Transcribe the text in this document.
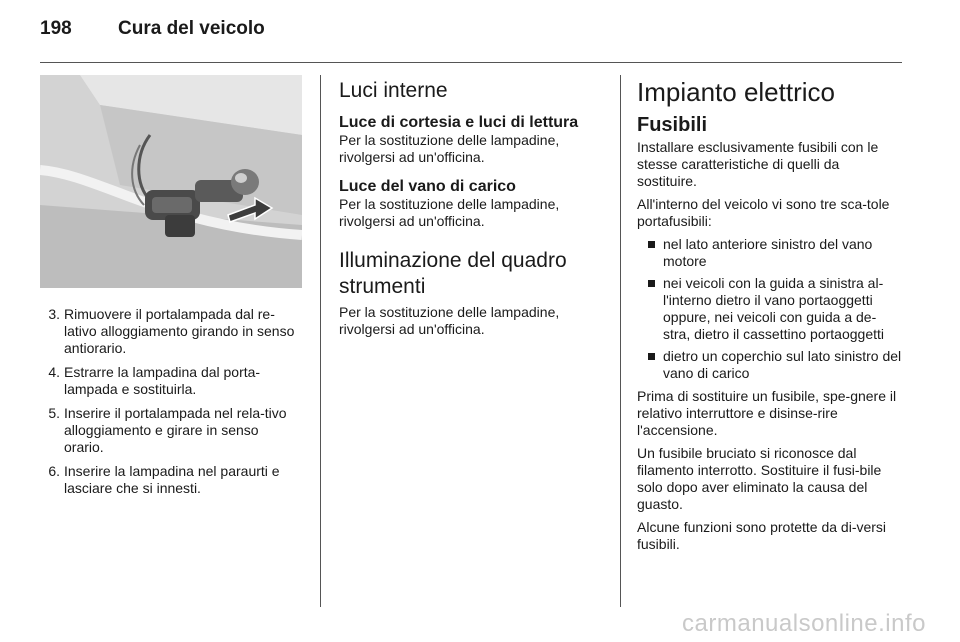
198	Cura del veicolo
3. Rimuovere il portalampada dal re-lativo alloggiamento girando in senso antiorario.
4. Estrarre la lampadina dal porta-lampada e sostituirla.
5. Inserire il portalampada nel rela-tivo alloggiamento e girare in senso orario.
6. Inserire la lampadina nel paraurti e lasciare che si innesti.
Luci interne
Luce di cortesia e luci di lettura

Per la sostituzione delle lampadine, rivolgersi ad un'officina.

Luce del vano di carico

Per la sostituzione delle lampadine, rivolgersi ad un'officina.

Illuminazione del quadro strumenti

Per la sostituzione delle lampadine, rivolgersi ad un'officina.

Impianto elettrico
Fusibili

Installare esclusivamente fusibili con le stesse caratteristiche di quelli da sostituire.

All'interno del veicolo vi sono tre sca-tole portafusibili:

nel lato anteriore sinistro del vano motore
nei veicoli con la guida a sinistra al-l'interno dietro il vano portaoggetti oppure, nei veicoli con guida a de-stra, dietro il cassettino portaoggetti
dietro un coperchio sul lato sinistro del vano di carico

Prima di sostituire un fusibile, spe-gnere il relativo interruttore e disinse-rire l'accensione.

Un fusibile bruciato si riconosce dal filamento interrotto. Sostituire il fusi-bile solo dopo aver eliminato la causa del guasto.

Alcune funzioni sono protette da di-versi fusibili.

carmanualsonline.info
